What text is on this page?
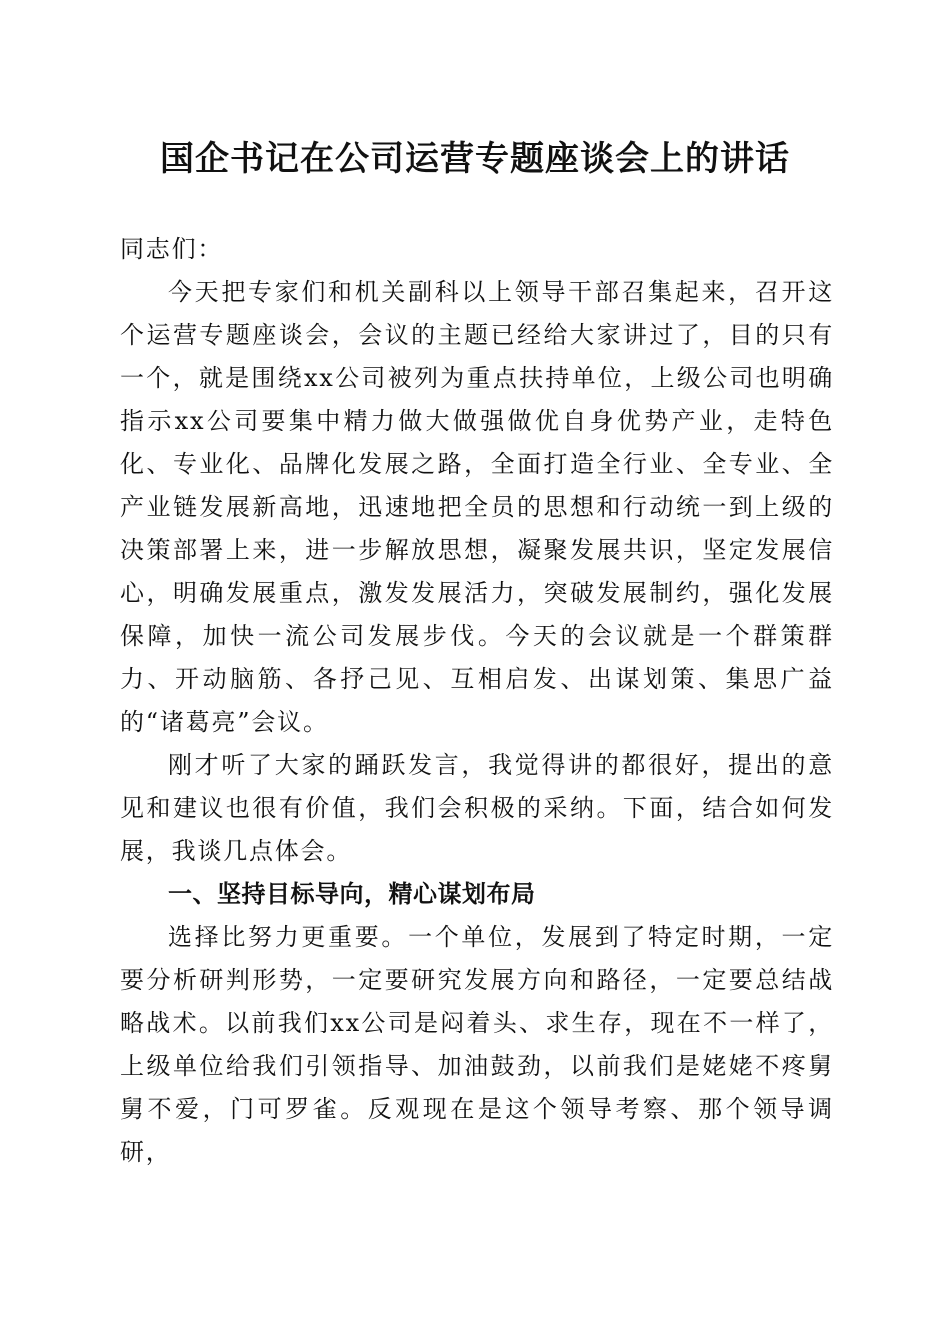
国企书记在公司运营专题座谈会上的讲话

同志们：

今天把专家们和机关副科以上领导干部召集起来，召开这个运营专题座谈会，会议的主题已经给大家讲过了，目的只有一个，就是围绕xx公司被列为重点扶持单位，上级公司也明确指示xx公司要集中精力做大做强做优自身优势产业，走特色化、专业化、品牌化发展之路，全面打造全行业、全专业、全产业链发展新高地，迅速地把全员的思想和行动统一到上级的决策部署上来，进一步解放思想，凝聚发展共识，坚定发展信心，明确发展重点，激发发展活力，突破发展制约，强化发展保障，加快一流公司发展步伐。今天的会议就是一个群策群力、开动脑筋、各抒己见、互相启发、出谋划策、集思广益的“诸葛亮”会议。

刚才听了大家的踊跃发言，我觉得讲的都很好，提出的意见和建议也很有价值，我们会积极的采纳。下面，结合如何发展，我谈几点体会。

一、坚持目标导向，精心谋划布局

选择比努力更重要。一个单位，发展到了特定时期，一定要分析研判形势，一定要研究发展方向和路径，一定要总结战略战术。以前我们xx公司是闷着头、求生存，现在不一样了，上级单位给我们引领指导、加油鼓劲，以前我们是姥姥不疼舅舅不爱，门可罗雀。反观现在是这个领导考察、那个领导调研，
